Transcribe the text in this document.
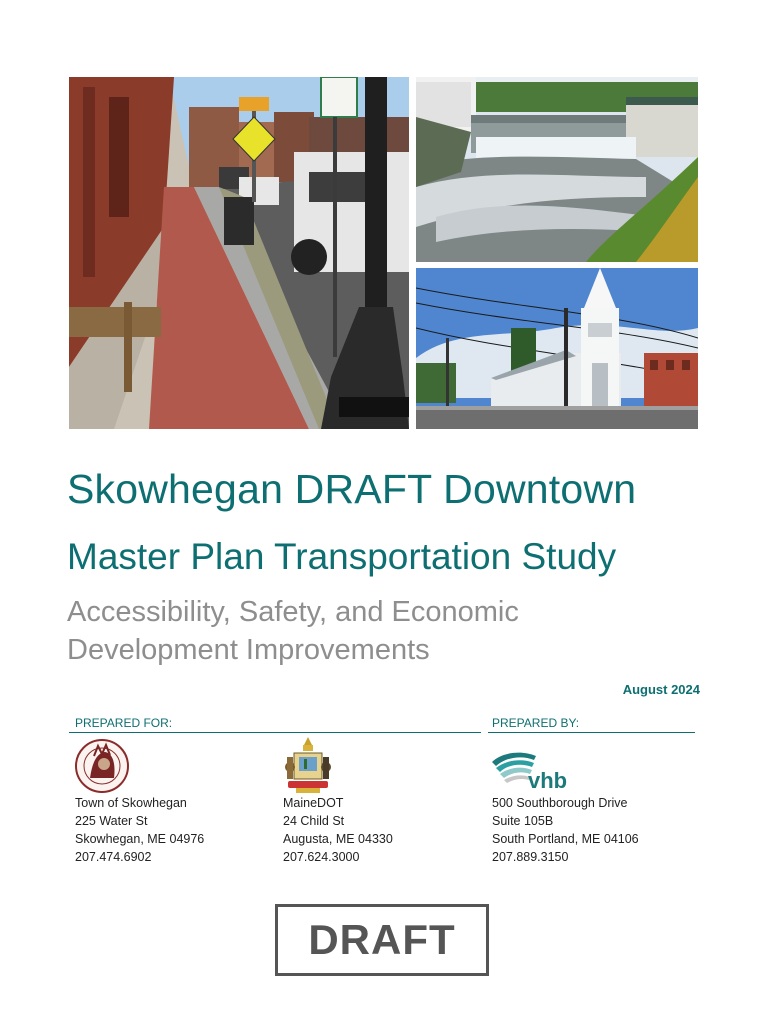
Skowhegan DRAFT Downtown
Master Plan Transportation Study
Accessibility, Safety, and Economic
Development Improvements
August 2024
PREPARED FOR:	PREPARED BY:
vhb
Town of Skowhegan
225 Water St
Skowhegan, ME 04976
207.474.6902
MaineDOT
24 Child St
Augusta, ME 04330
207.624.3000
500 Southborough Drive
Suite 105B
South Portland, ME 04106
207.889.3150
DRAFT
